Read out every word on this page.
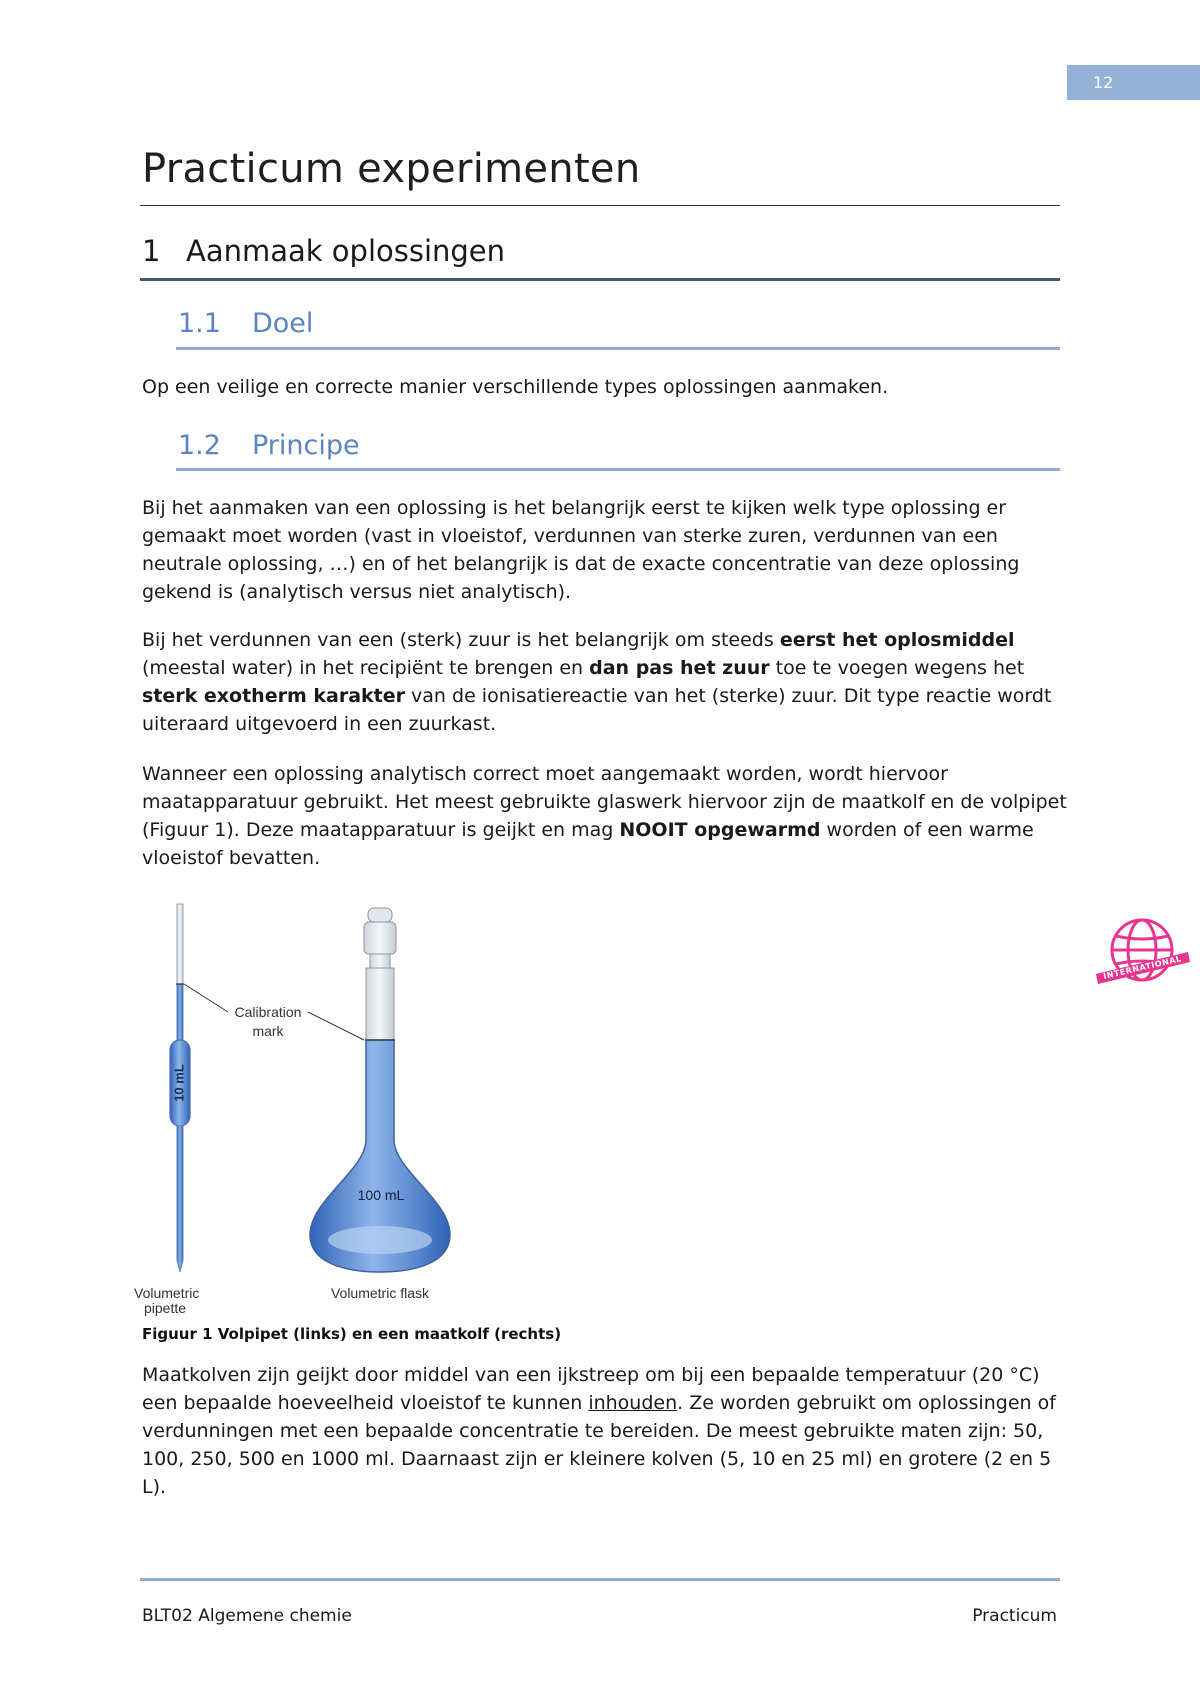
12
Practicum experimenten
1 Aanmaak oplossingen
1.1 Doel

Op een veilige en correcte manier verschillende types oplossingen aanmaken.

1.2 Principe

Bij het aanmaken van een oplossing is het belangrijk eerst te kijken welk type oplossing er gemaakt moet worden (vast in vloeistof, verdunnen van sterke zuren, verdunnen van een neutrale oplossing, …) en of het belangrijk is dat de exacte concentratie van deze oplossing gekend is (analytisch versus niet analytisch).

Bij het verdunnen van een (sterk) zuur is het belangrijk om steeds eerst het oplosmiddel (meestal water) in het recipiënt te brengen en dan pas het zuur toe te voegen wegens het sterk exotherm karakter van de ionisatiereactie van het (sterke) zuur. Dit type reactie wordt uiteraard uitgevoerd in een zuurkast.

Wanneer een oplossing analytisch correct moet aangemaakt worden, wordt hiervoor maatapparatuur gebruikt. Het meest gebruikte glaswerk hiervoor zijn de maatkolf en de volpipet (Figuur 1). Deze maatapparatuur is geijkt en mag NOOIT opgewarmd worden of een warme vloeistof bevatten.

10 mL
100 mL
Calibration
mark
Volumetric
pipette
Volumetric flask

Figuur 1 Volpipet (links) en een maatkolf (rechts)

Maatkolven zijn geijkt door middel van een ijkstreep om bij een bepaalde temperatuur (20 °C) een bepaalde hoeveelheid vloeistof te kunnen inhouden. Ze worden gebruikt om oplossingen of verdunningen met een bepaalde concentratie te bereiden. De meest gebruikte maten zijn: 50, 100, 250, 500 en 1000 ml. Daarnaast zijn er kleinere kolven (5, 10 en 25 ml) en grotere (2 en 5 L).

INTERNATIONAL
BLT02 Algemene chemie	Practicum
